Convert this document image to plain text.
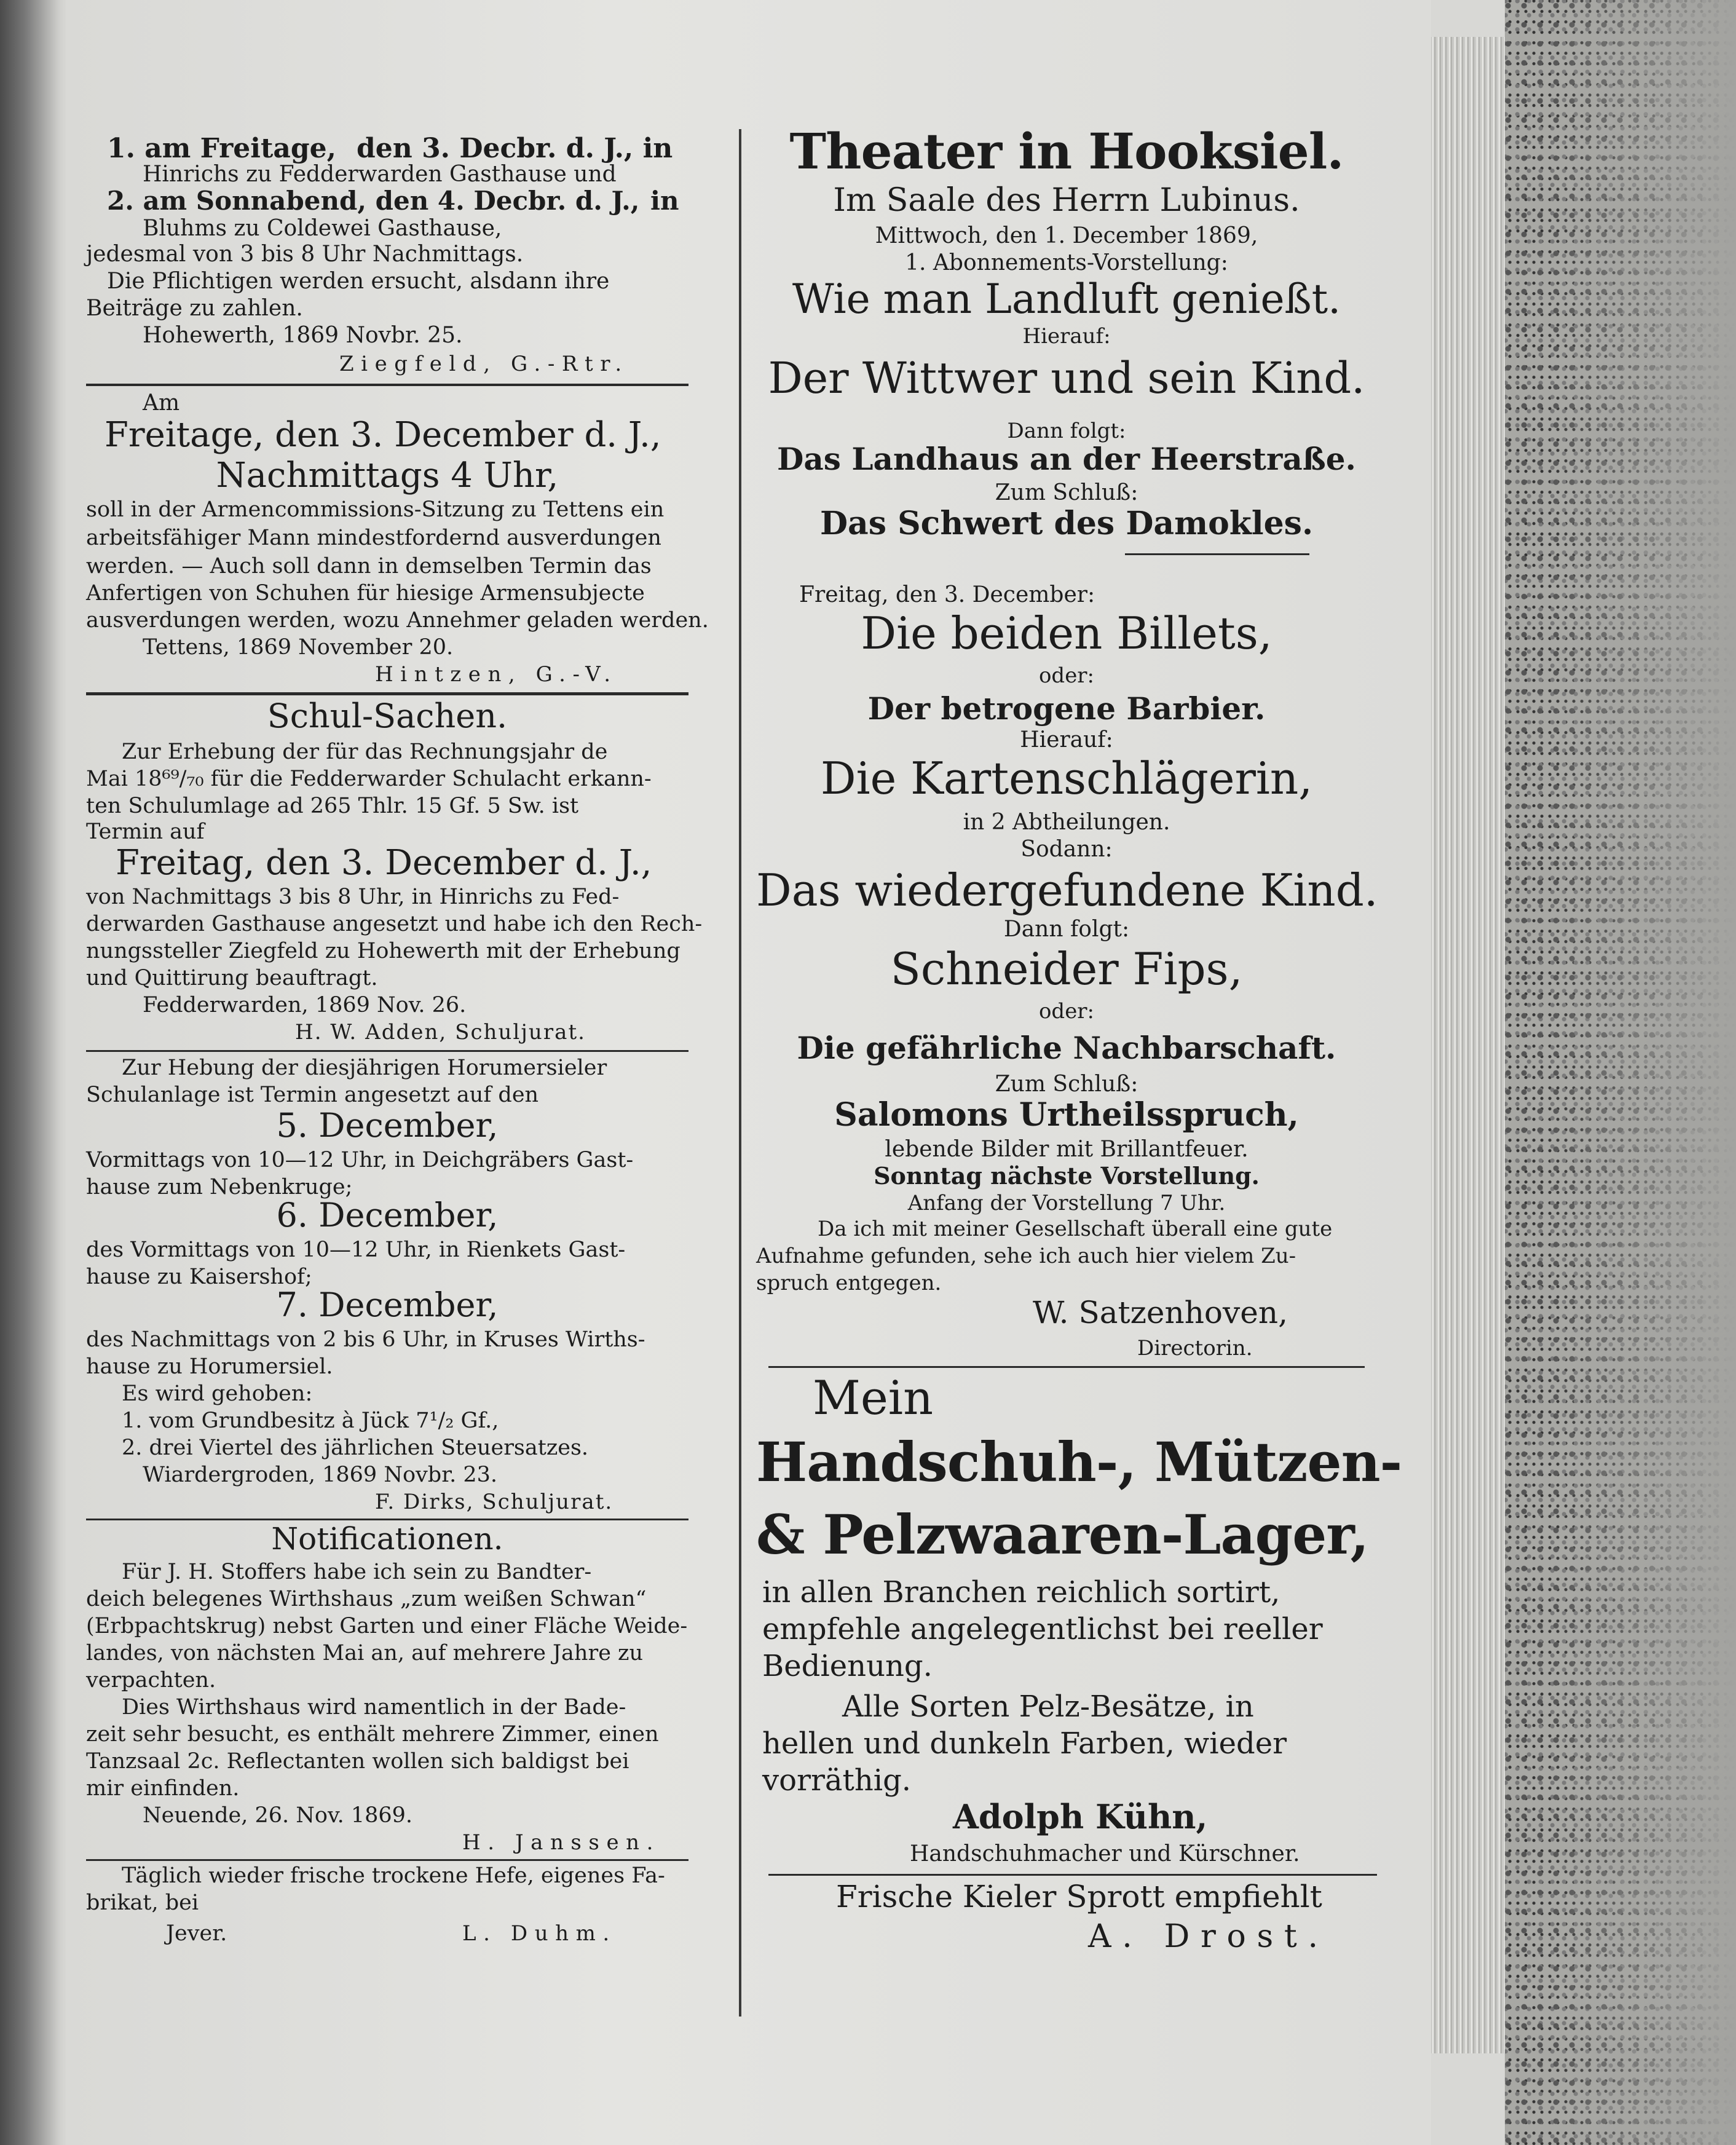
1. am Freitage, den 3. Decbr. d. J., in
Hinrichs zu Fedderwarden Gasthause und
2. am Sonnabend, den 4. Decbr. d. J., in
Bluhms zu Coldewei Gasthause,
jedesmal von 3 bis 8 Uhr Nachmittags.
Die Pflichtigen werden ersucht, alsdann ihre
Beiträge zu zahlen.
Hohewerth, 1869 Novbr. 25.
Ziegfeld, G.-Rtr.
Am
Freitage, den 3. December d. J.,
Nachmittags 4 Uhr,
soll in der Armencommissions-Sitzung zu Tettens ein
arbeitsfähiger Mann mindestfordernd ausverdungen
werden. — Auch soll dann in demselben Termin das
Anfertigen von Schuhen für hiesige Armensubjecte
ausverdungen werden, wozu Annehmer geladen werden.
Tettens, 1869 November 20.
Hintzen, G.-V.
Schul-Sachen.
Zur Erhebung der für das Rechnungsjahr de
Mai 18⁶⁹/₇₀ für die Fedderwarder Schulacht erkann-
ten Schulumlage ad 265 Thlr. 15 Gf. 5 Sw. ist
Termin auf
Freitag, den 3. December d. J.,
von Nachmittags 3 bis 8 Uhr, in Hinrichs zu Fed-
derwarden Gasthause angesetzt und habe ich den Rech-
nungssteller Ziegfeld zu Hohewerth mit der Erhebung
und Quittirung beauftragt.
Fedderwarden, 1869 Nov. 26.
H. W. Adden, Schuljurat.
Zur Hebung der diesjährigen Horumersieler
Schulanlage ist Termin angesetzt auf den
5. December,
Vormittags von 10—12 Uhr, in Deichgräbers Gast-
hause zum Nebenkruge;
6. December,
des Vormittags von 10—12 Uhr, in Rienkets Gast-
hause zu Kaisershof;
7. December,
des Nachmittags von 2 bis 6 Uhr, in Kruses Wirths-
hause zu Horumersiel.
Es wird gehoben:
1. vom Grundbesitz à Jück 7¹/₂ Gf.,
2. drei Viertel des jährlichen Steuersatzes.
Wiardergroden, 1869 Novbr. 23.
F. Dirks, Schuljurat.
Notificationen.
Für J. H. Stoffers habe ich sein zu Bandter-
deich belegenes Wirthshaus „zum weißen Schwan“
(Erbpachtskrug) nebst Garten und einer Fläche Weide-
landes, von nächsten Mai an, auf mehrere Jahre zu
verpachten.
Dies Wirthshaus wird namentlich in der Bade-
zeit sehr besucht, es enthält mehrere Zimmer, einen
Tanzsaal 2c. Reflectanten wollen sich baldigst bei
mir einfinden.
Neuende, 26. Nov. 1869.
H. Janssen.
Täglich wieder frische trockene Hefe, eigenes Fa-
brikat, bei
Jever.	L. Duhm.
Theater in Hooksiel.
Im Saale des Herrn Lubinus.
Mittwoch, den 1. December 1869,
1. Abonnements-Vorstellung:
Wie man Landluft genießt.
Hierauf:
Der Wittwer und sein Kind.
Dann folgt:
Das Landhaus an der Heerstraße.
Zum Schluß:
Das Schwert des Damokles.
Freitag, den 3. December:
Die beiden Billets,
oder:
Der betrogene Barbier.
Hierauf:
Die Kartenschlägerin,
in 2 Abtheilungen.
Sodann:
Das wiedergefundene Kind.
Dann folgt:
Schneider Fips,
oder:
Die gefährliche Nachbarschaft.
Zum Schluß:
Salomons Urtheilsspruch,
lebende Bilder mit Brillantfeuer.
Sonntag nächste Vorstellung.
Anfang der Vorstellung 7 Uhr.
Da ich mit meiner Gesellschaft überall eine gute
Aufnahme gefunden, sehe ich auch hier vielem Zu-
spruch entgegen.
W. Satzenhoven,
Directorin.
Mein
Handschuh-, Mützen-
& Pelzwaaren-Lager,
in allen Branchen reichlich sortirt,
empfehle angelegentlichst bei reeller
Bedienung.
Alle Sorten Pelz-Besätze, in
hellen und dunkeln Farben, wieder
vorräthig.
Adolph Kühn,
Handschuhmacher und Kürschner.
Frische Kieler Sprott empfiehlt
A. Drost.
